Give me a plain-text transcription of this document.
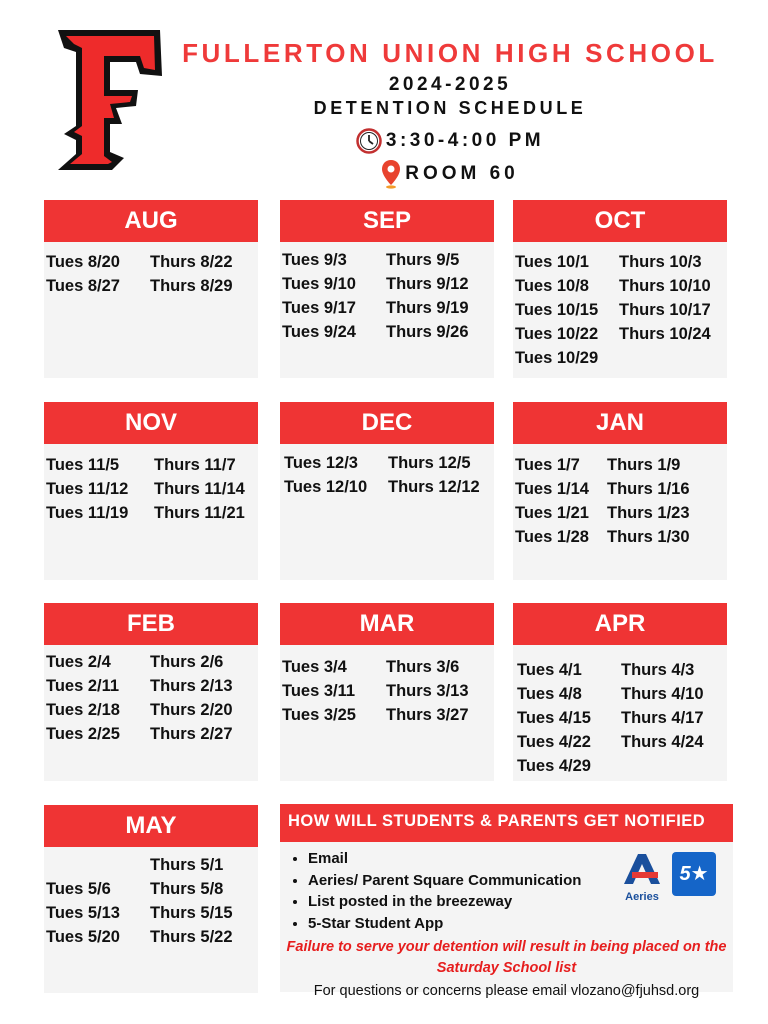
FULLERTON UNION HIGH SCHOOL
2024-2025
DETENTION SCHEDULE
3:30-4:00 PM
ROOM 60
AUG
Tues 8/20	Thurs 8/22
Tues 8/27	Thurs 8/29
SEP
Tues 9/3	Thurs 9/5
Tues 9/10	Thurs 9/12
Tues 9/17	Thurs 9/19
Tues 9/24	Thurs 9/26
OCT
Tues 10/1	Thurs 10/3
Tues 10/8	Thurs 10/10
Tues 10/15	Thurs 10/17
Tues 10/22	Thurs 10/24
Tues 10/29
NOV
Tues 11/5	Thurs 11/7
Tues 11/12	Thurs 11/14
Tues 11/19	Thurs 11/21
DEC
Tues 12/3	Thurs 12/5
Tues 12/10	Thurs 12/12
JAN
Tues 1/7	Thurs 1/9
Tues 1/14	Thurs 1/16
Tues 1/21	Thurs 1/23
Tues 1/28	Thurs 1/30
FEB
Tues 2/4	Thurs 2/6
Tues 2/11	Thurs 2/13
Tues 2/18	Thurs 2/20
Tues 2/25	Thurs 2/27
MAR
Tues 3/4	Thurs 3/6
Tues 3/11	Thurs 3/13
Tues 3/25	Thurs 3/27
APR
Tues 4/1	Thurs 4/3
Tues 4/8	Thurs 4/10
Tues 4/15	Thurs 4/17
Tues 4/22	Thurs 4/24
Tues 4/29
MAY
Thurs 5/1
Tues 5/6	Thurs 5/8
Tues 5/13	Thurs 5/15
Tues 5/20	Thurs 5/22
HOW WILL STUDENTS & PARENTS GET NOTIFIED
• Email
• Aeries/ Parent Square Communication
• List posted in the breezeway
• 5-Star Student App
Failure to serve your detention will result in being placed on the Saturday School list
For questions or concerns please email vlozano@fjuhsd.org
Aeries
5★
